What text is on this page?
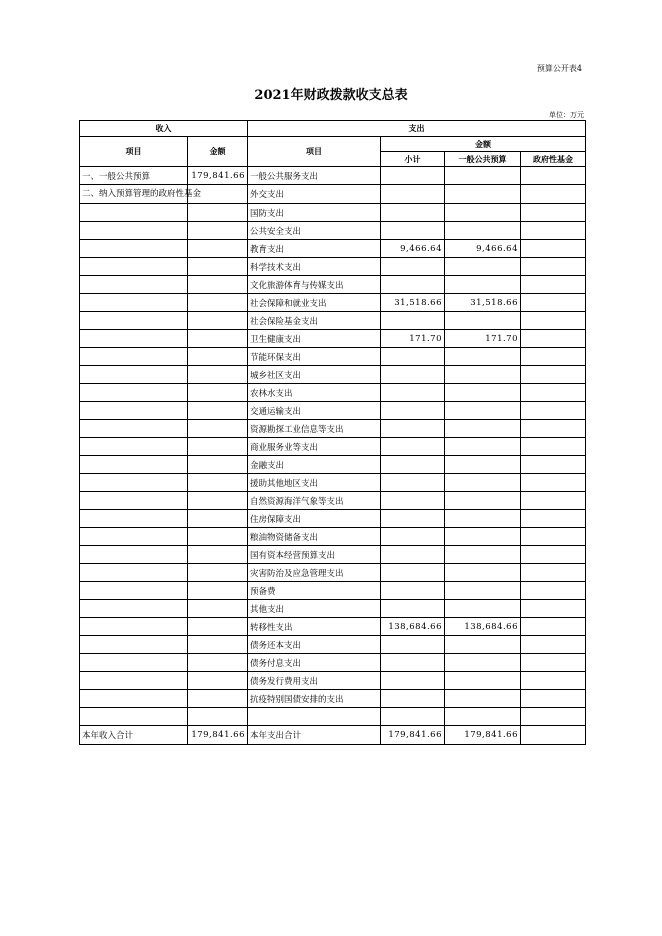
预算公开表4
2021年财政拨款收支总表
单位：万元
收入		支出			
项目	金额	项目	金额		
			小计	一般公共预算	政府性基金
一、一般公共预算	179,841.66	一般公共服务支出			
二、纳入预算管理的政府性基金		外交支出			
		国防支出			
		公共安全支出			
		教育支出	9,466.64	9,466.64	
		科学技术支出			
		文化旅游体育与传媒支出			
		社会保障和就业支出	31,518.66	31,518.66	
		社会保险基金支出			
		卫生健康支出	171.70	171.70	
		节能环保支出			
		城乡社区支出			
		农林水支出			
		交通运输支出			
		资源勘探工业信息等支出			
		商业服务业等支出			
		金融支出			
		援助其他地区支出			
		自然资源海洋气象等支出			
		住房保障支出			
		粮油物资储备支出			
		国有资本经营预算支出			
		灾害防治及应急管理支出			
		预备费			
		其他支出			
		转移性支出	138,684.66	138,684.66	
		债务还本支出			
		债务付息支出			
		债务发行费用支出			
		抗疫特别国债安排的支出			

本年收入合计	179,841.66	本年支出合计	179,841.66	179,841.66	
